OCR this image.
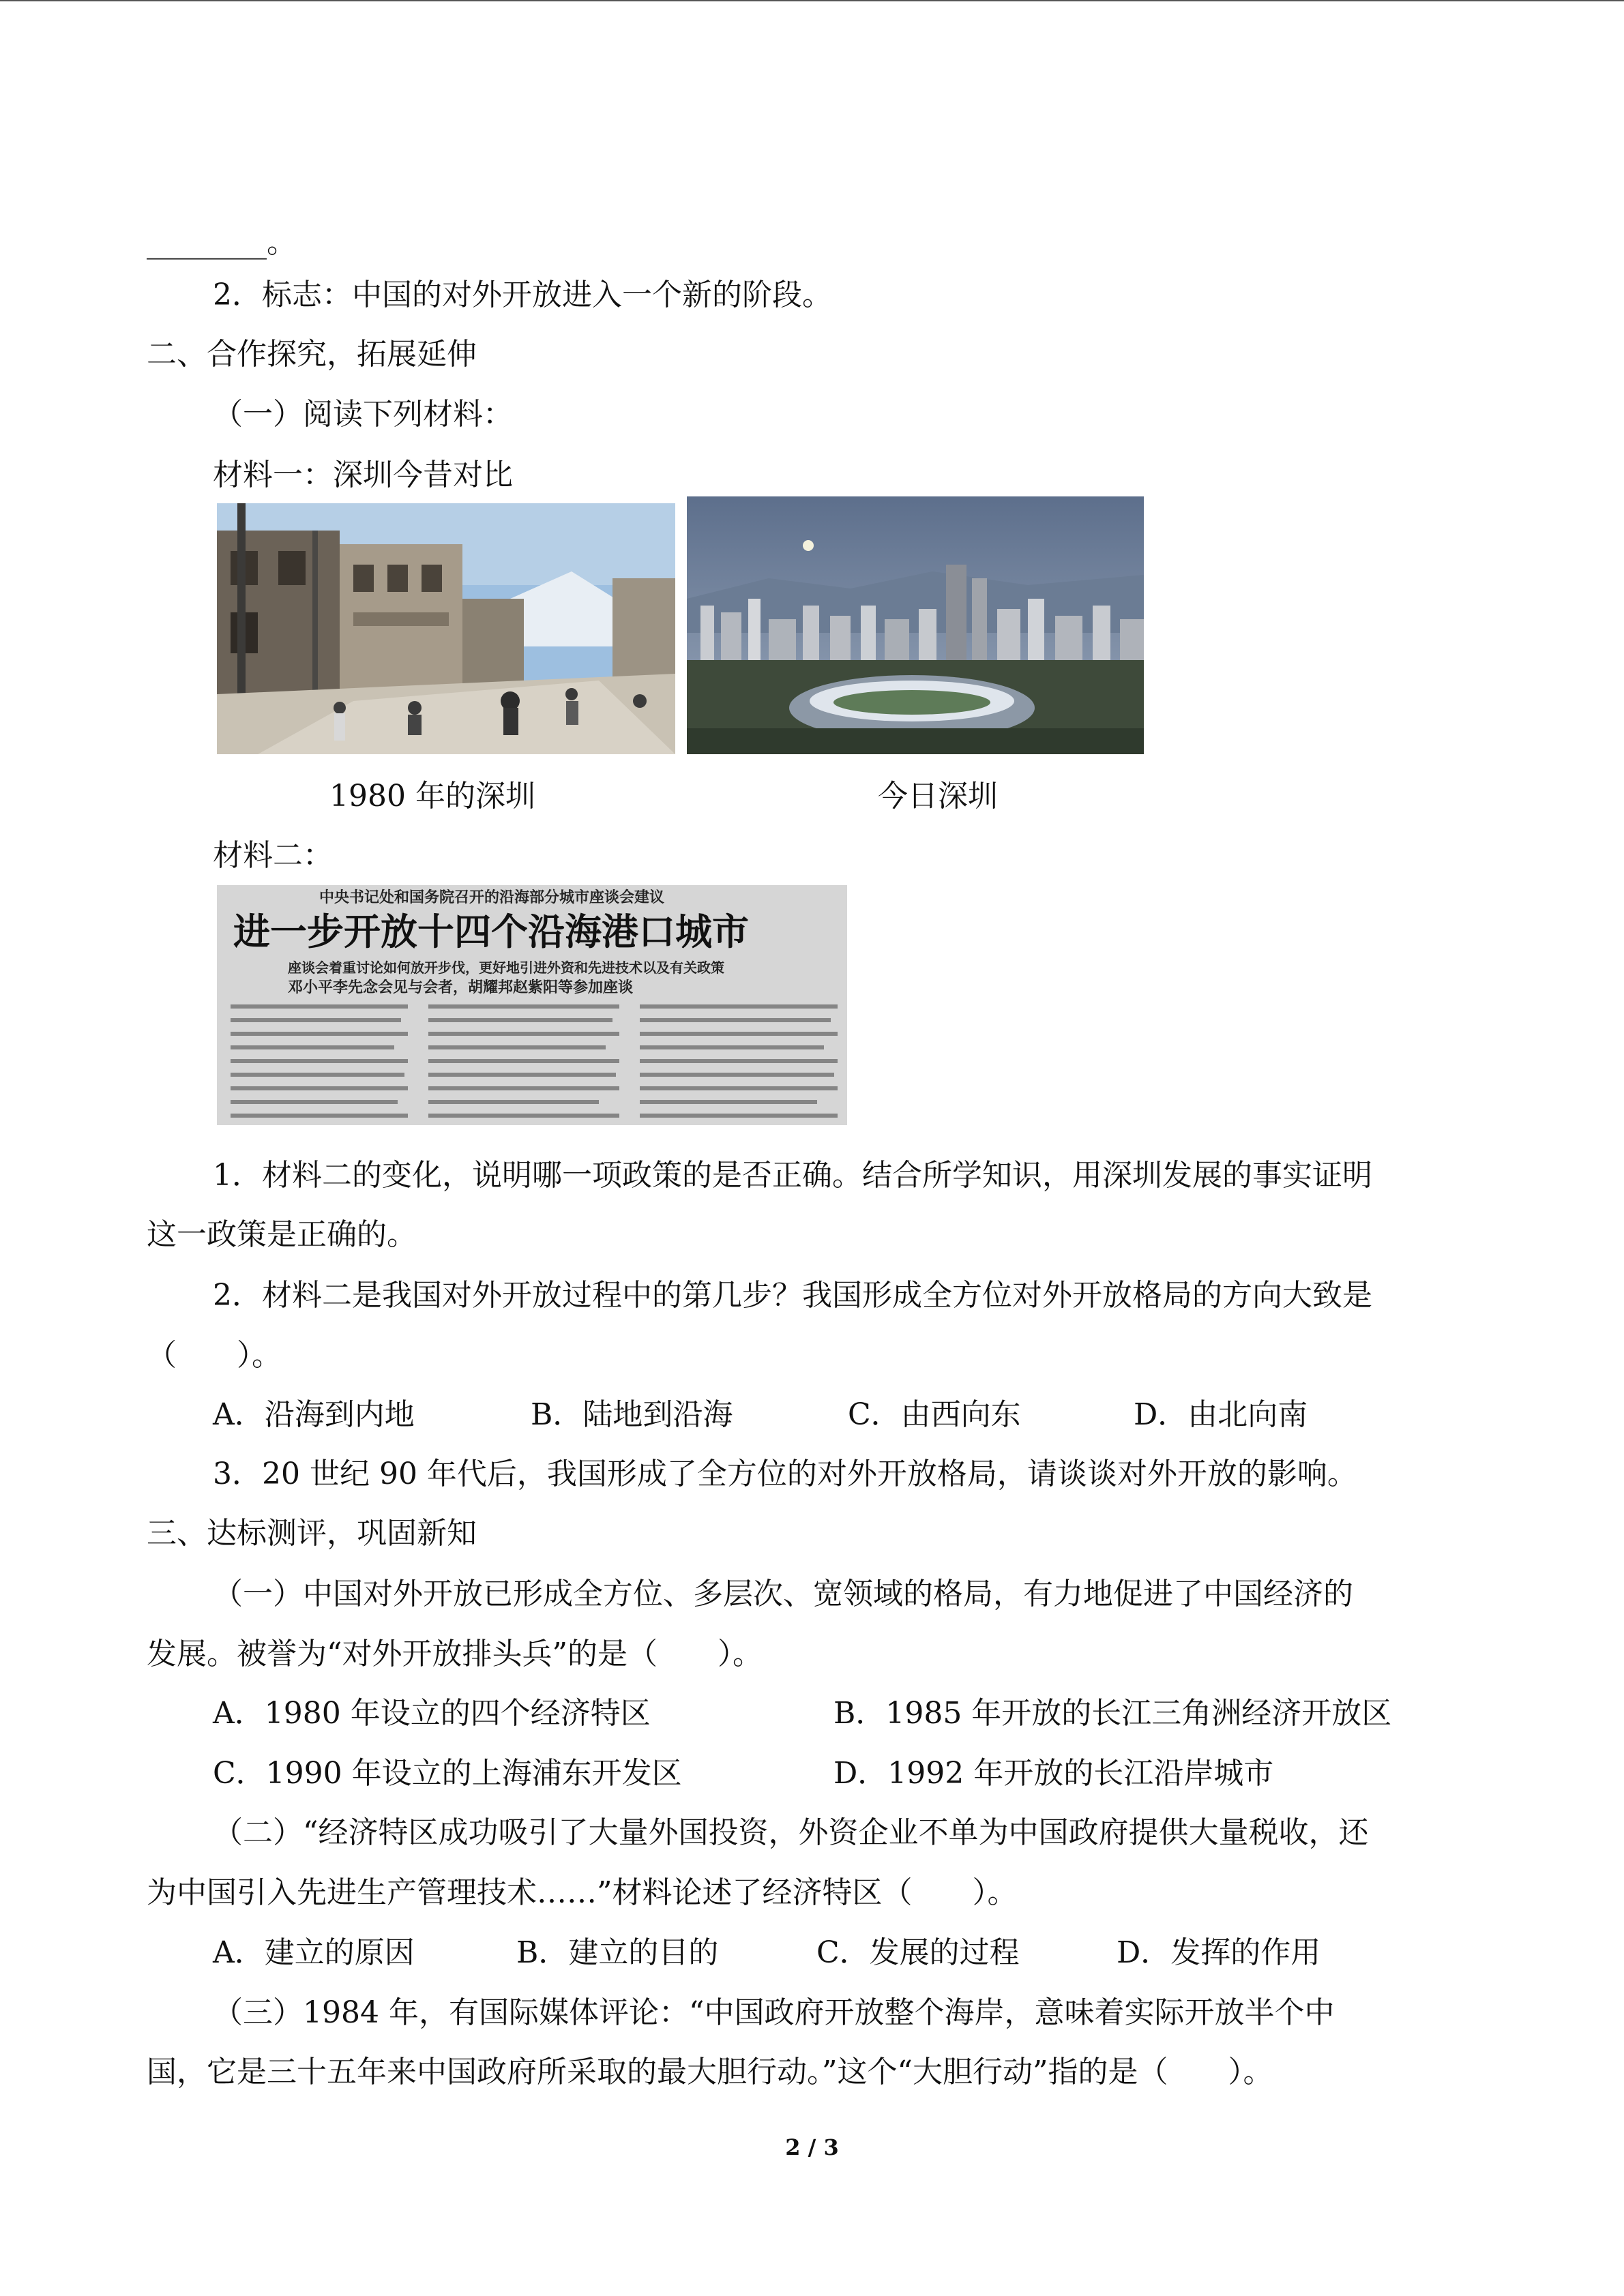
________。
2．标志：中国的对外开放进入一个新的阶段。
二、合作探究，拓展延伸
（一）阅读下列材料：
材料一：深圳今昔对比
1980 年的深圳	今日深圳
材料二：
中央书记处和国务院召开的沿海部分城市座谈会建议
进一步开放十四个沿海港口城市
座谈会着重讨论如何放开步伐，更好地引进外资和先进技术以及有关政策
邓小平李先念会见与会者，胡耀邦赵紫阳等参加座谈
1．材料二的变化，说明哪一项政策的是否正确。结合所学知识，用深圳发展的事实证明
这一政策是正确的。
2．材料二是我国对外开放过程中的第几步？我国形成全方位对外开放格局的方向大致是
（　　）。
A．沿海到内地	B．陆地到沿海	C．由西向东	D．由北向南
3．20 世纪 90 年代后，我国形成了全方位的对外开放格局，请谈谈对外开放的影响。
三、达标测评，巩固新知
（一）中国对外开放已形成全方位、多层次、宽领域的格局，有力地促进了中国经济的
发展。被誉为“对外开放排头兵”的是（　　）。
A．1980 年设立的四个经济特区	B．1985 年开放的长江三角洲经济开放区
C．1990 年设立的上海浦东开发区	D．1992 年开放的长江沿岸城市
（二）“经济特区成功吸引了大量外国投资，外资企业不单为中国政府提供大量税收，还
为中国引入先进生产管理技术……”材料论述了经济特区（　　）。
A．建立的原因	B．建立的目的	C．发展的过程	D．发挥的作用
（三）1984 年，有国际媒体评论：“中国政府开放整个海岸，意味着实际开放半个中
国，它是三十五年来中国政府所采取的最大胆行动。”这个“大胆行动”指的是（　　）。
2 / 3
